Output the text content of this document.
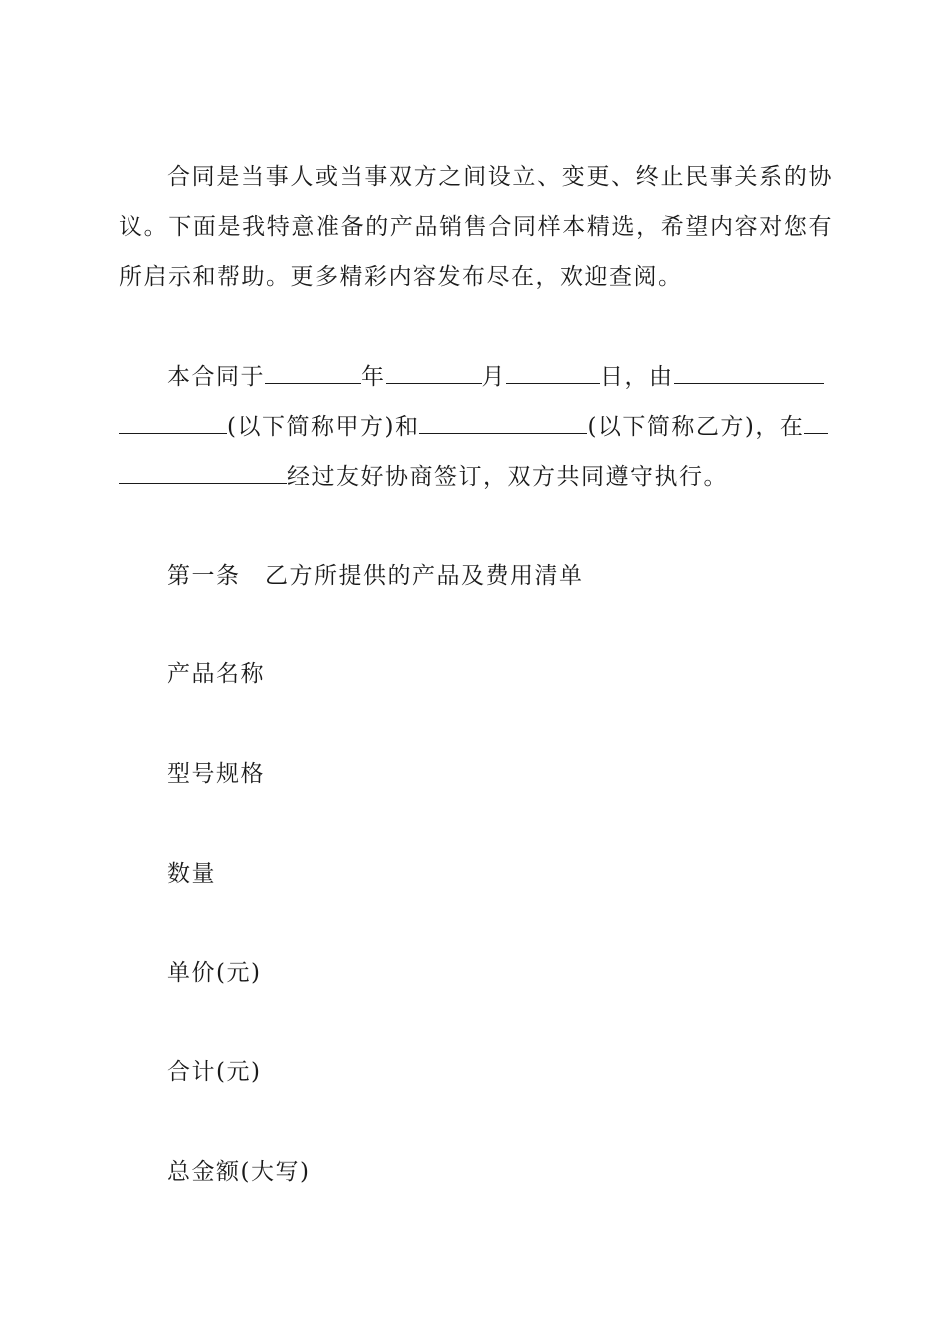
合同是当事人或当事双方之间设立、变更、终止民事关系的协议。下面是我特意准备的产品销售合同样本精选，希望内容对您有所启示和帮助。更多精彩内容发布尽在，欢迎查阅。

本合同于	年	月	日，由
(以下简称甲方)和	(以下简称乙方)，在
经过友好协商签订，双方共同遵守执行。

第一条　乙方所提供的产品及费用清单

产品名称

型号规格

数量

单价(元)

合计(元)

总金额(大写)
